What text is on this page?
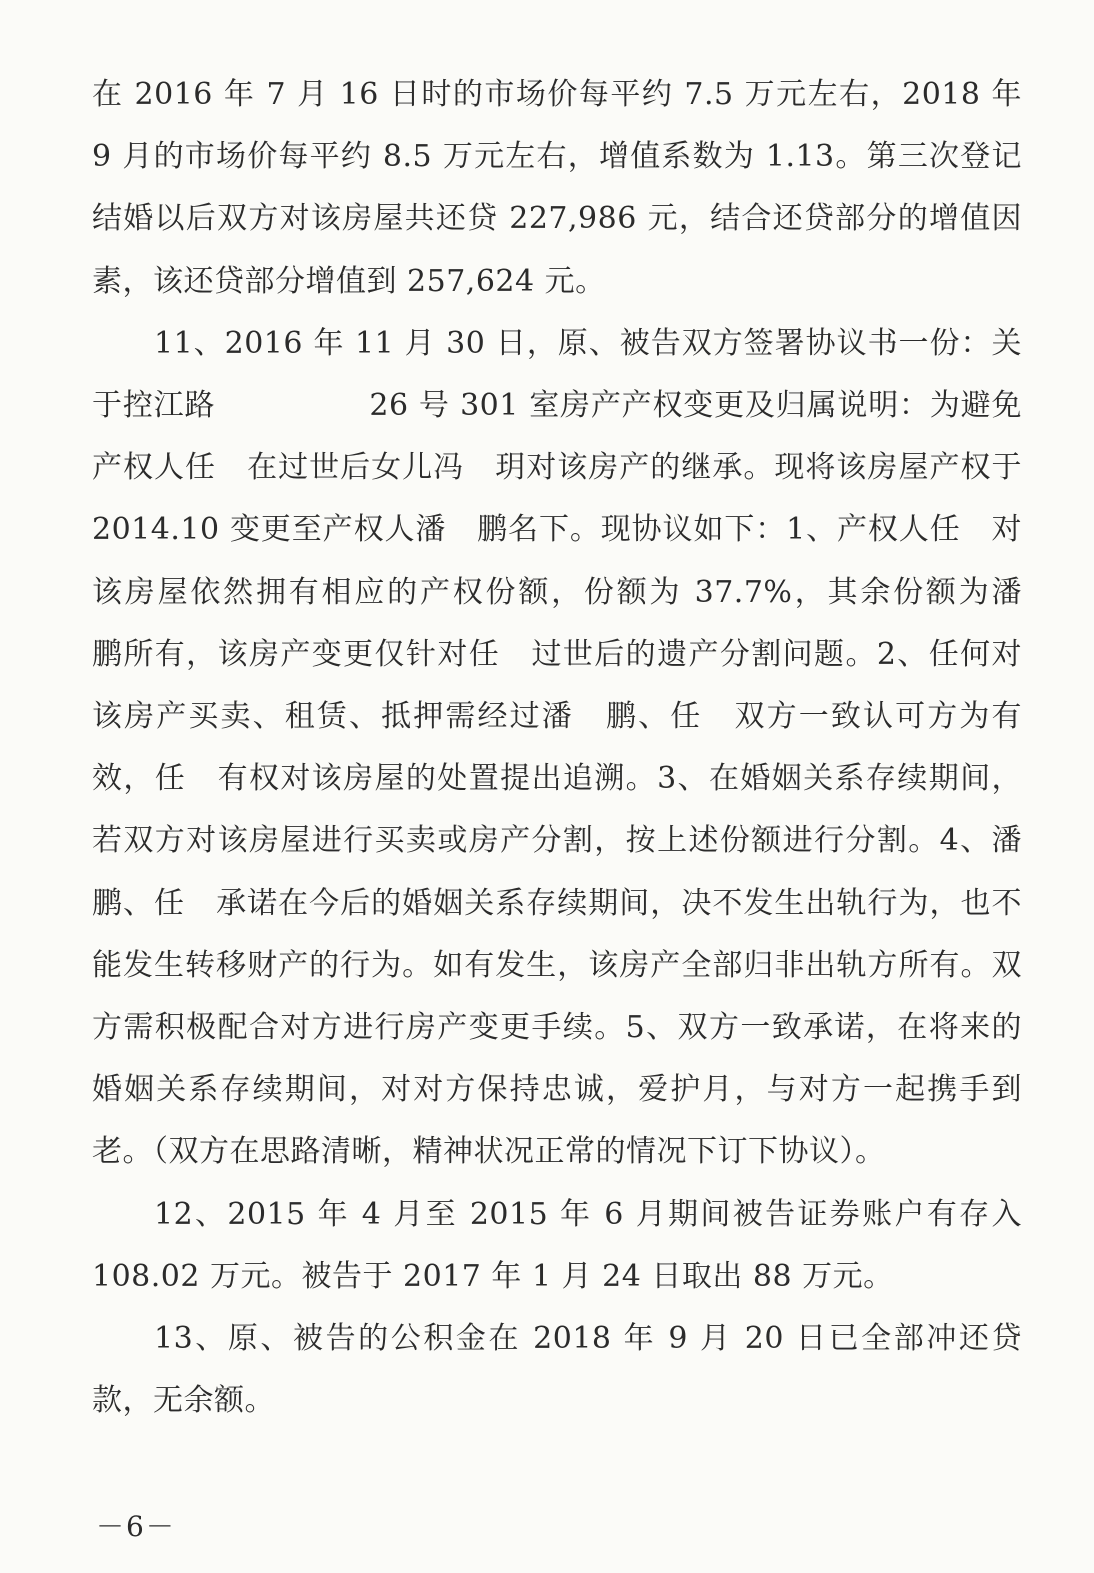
在 2016 年 7 月 16 日时的市场价每平约 7.5 万元左右，2018 年 9 月的市场价每平约 8.5 万元左右，增值系数为 1.13。第三次登记结婚以后双方对该房屋共还贷 227,986 元，结合还贷部分的增值因素，该还贷部分增值到 257,624 元。

11、2016 年 11 月 30 日，原、被告双方签署协议书一份：关于控江路　　　　　26 号 301 室房产产权变更及归属说明：为避免产权人任　在过世后女儿冯　玥对该房产的继承。现将该房屋产权于 2014.10 变更至产权人潘　鹏名下。现协议如下：1、产权人任　对该房屋依然拥有相应的产权份额，份额为 37.7%，其余份额为潘　鹏所有，该房产变更仅针对任　过世后的遗产分割问题。2、任何对该房产买卖、租赁、抵押需经过潘　鹏、任　双方一致认可方为有效，任　有权对该房屋的处置提出追溯。3、在婚姻关系存续期间，若双方对该房屋进行买卖或房产分割，按上述份额进行分割。4、潘　鹏、任　承诺在今后的婚姻关系存续期间，决不发生出轨行为，也不能发生转移财产的行为。如有发生，该房产全部归非出轨方所有。双方需积极配合对方进行房产变更手续。5、双方一致承诺，在将来的婚姻关系存续期间，对对方保持忠诚，爱护月，与对方一起携手到老。（双方在思路清晰，精神状况正常的情况下订下协议）。

12、2015 年 4 月至 2015 年 6 月期间被告证券账户有存入 108.02 万元。被告于 2017 年 1 月 24 日取出 88 万元。

13、原、被告的公积金在 2018 年 9 月 20 日已全部冲还贷款，无余额。

－6－
